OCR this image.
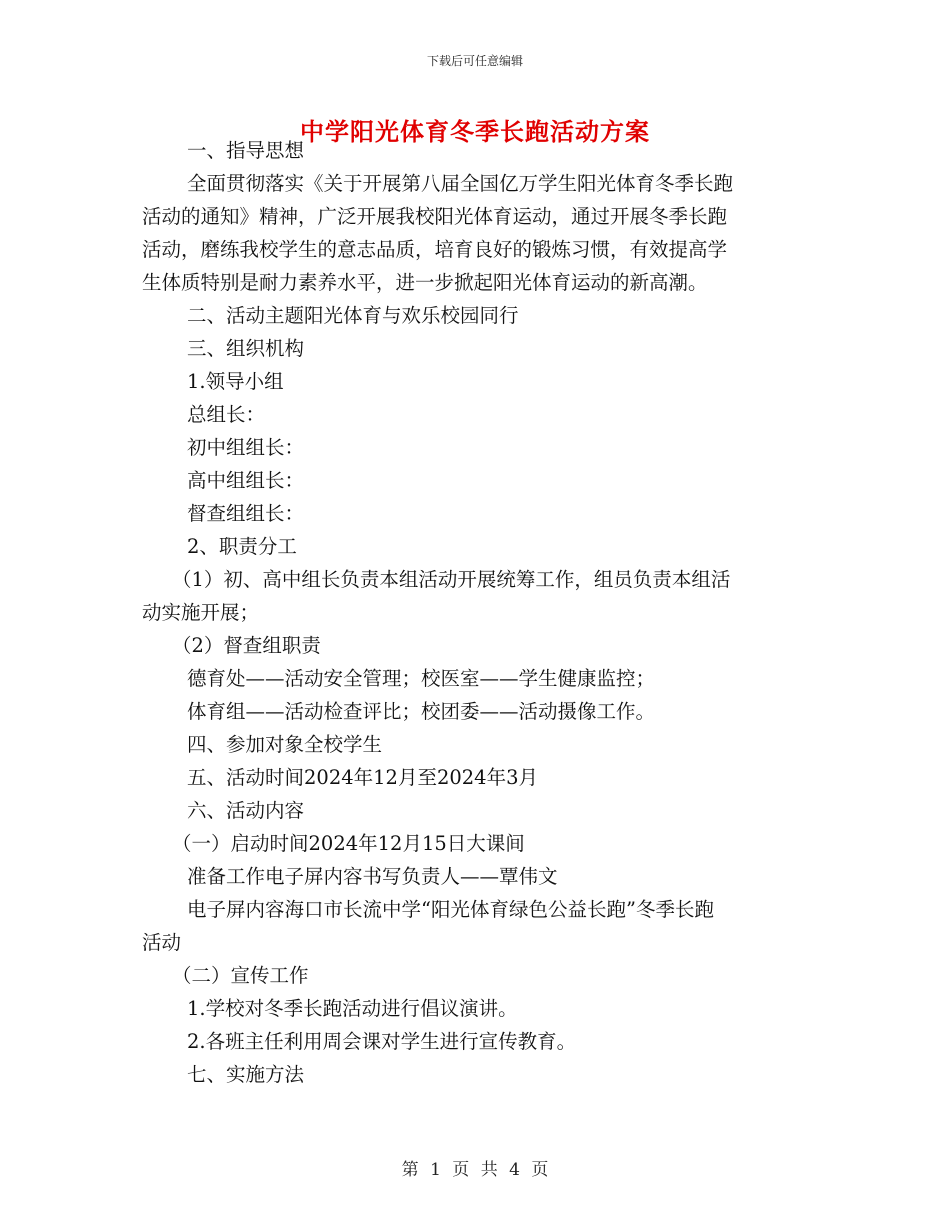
下载后可任意编辑
中学阳光体育冬季长跑活动方案
一、指导思想
全面贯彻落实《关于开展第八届全国亿万学生阳光体育冬季长跑
活动的通知》精神，广泛开展我校阳光体育运动，通过开展冬季长跑
活动，磨练我校学生的意志品质，培育良好的锻炼习惯，有效提高学
生体质特别是耐力素养水平，进一步掀起阳光体育运动的新高潮。
二、活动主题阳光体育与欢乐校园同行
三、组织机构
1.领导小组
总组长：
初中组组长：
高中组组长：
督查组组长：
2、职责分工
（1）初、高中组长负责本组活动开展统筹工作，组员负责本组活
动实施开展；
（2）督查组职责
德育处——活动安全管理；校医室——学生健康监控；
体育组——活动检查评比；校团委——活动摄像工作。
四、参加对象全校学生
五、活动时间2024年12月至2024年3月
六、活动内容
（一）启动时间2024年12月15日大课间
准备工作电子屏内容书写负责人——覃伟文
电子屏内容海口市长流中学“阳光体育绿色公益长跑”冬季长跑
活动
（二）宣传工作
1.学校对冬季长跑活动进行倡议演讲。
2.各班主任利用周会课对学生进行宣传教育。
七、实施方法
第 1 页 共 4 页
